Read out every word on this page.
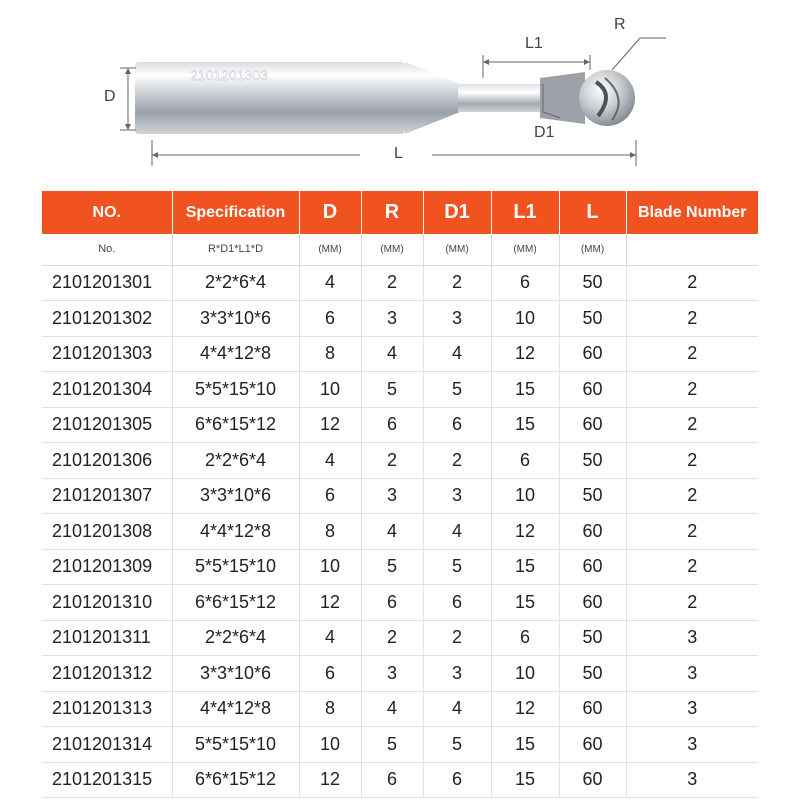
2101201303
D
L
L1
D1
R
NO.	Specification	D	R	D1	L1	L	Blade Number
No.	R*D1*L1*D	(MM)	(MM)	(MM)	(MM)	(MM)	
2101201301	2*2*6*4	4	2	2	6	50	2
2101201302	3*3*10*6	6	3	3	10	50	2
2101201303	4*4*12*8	8	4	4	12	60	2
2101201304	5*5*15*10	10	5	5	15	60	2
2101201305	6*6*15*12	12	6	6	15	60	2
2101201306	2*2*6*4	4	2	2	6	50	2
2101201307	3*3*10*6	6	3	3	10	50	2
2101201308	4*4*12*8	8	4	4	12	60	2
2101201309	5*5*15*10	10	5	5	15	60	2
2101201310	6*6*15*12	12	6	6	15	60	2
2101201311	2*2*6*4	4	2	2	6	50	3
2101201312	3*3*10*6	6	3	3	10	50	3
2101201313	4*4*12*8	8	4	4	12	60	3
2101201314	5*5*15*10	10	5	5	15	60	3
2101201315	6*6*15*12	12	6	6	15	60	3
